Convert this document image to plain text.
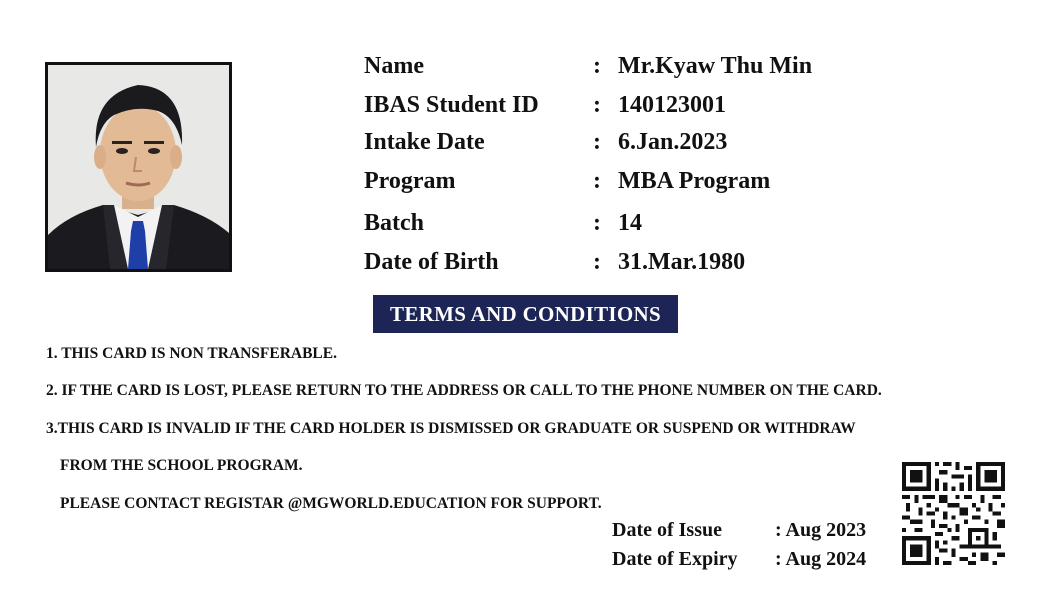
Name	: Mr.Kyaw Thu Min
IBAS Student ID : 140123001
Intake Date	: 6.Jan.2023
Program	: MBA Program
Batch	: 14
Date of Birth	: 31.Mar.1980
TERMS AND CONDITIONS
1. THIS CARD IS NON TRANSFERABLE.
2. IF THE CARD IS LOST, PLEASE RETURN TO THE ADDRESS OR CALL TO THE PHONE NUMBER ON THE CARD.
3.THIS CARD IS INVALID IF THE CARD HOLDER IS DISMISSED OR GRADUATE OR SUSPEND OR WITHDRAW
FROM THE SCHOOL PROGRAM.
PLEASE CONTACT REGISTAR @MGWORLD.EDUCATION FOR SUPPORT.
Date of Issue	: Aug 2023
Date of Expiry : Aug 2024
